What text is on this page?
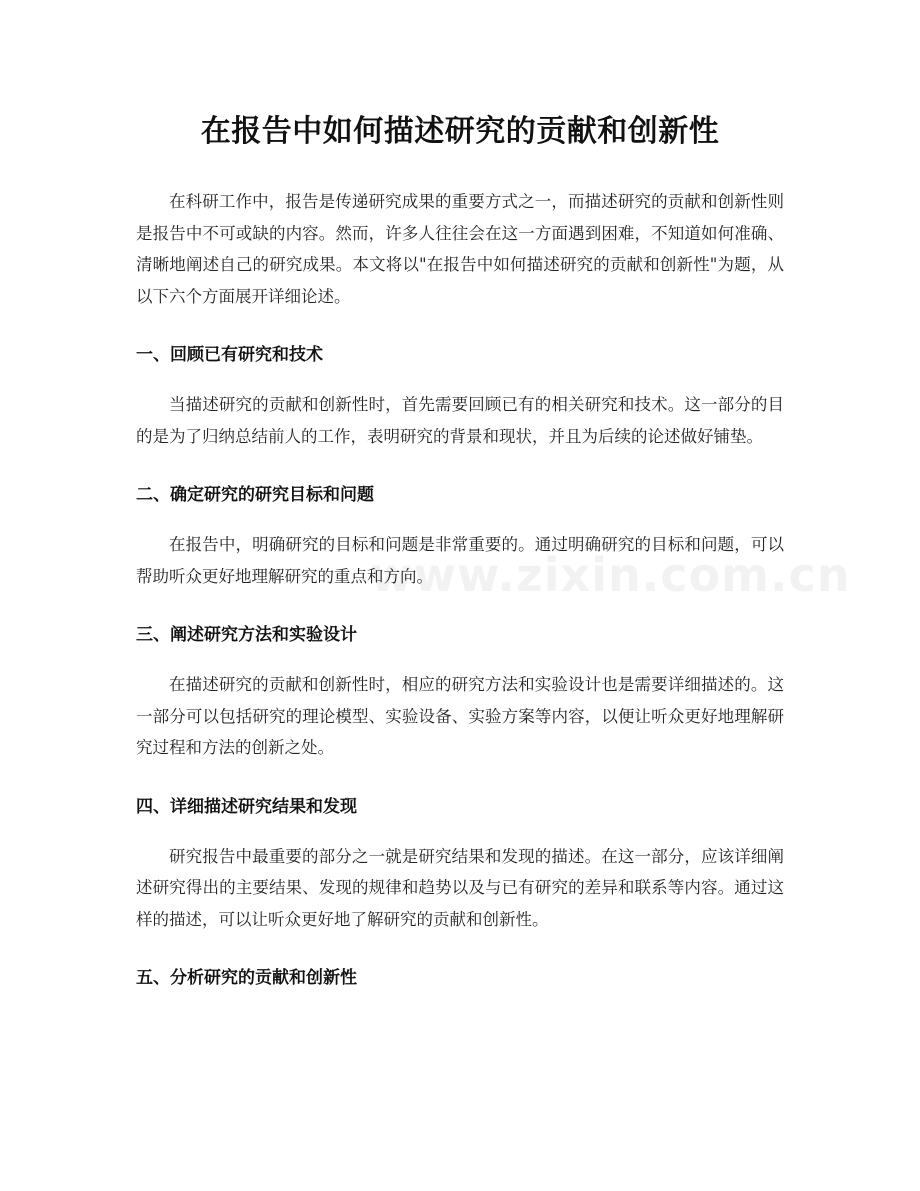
在报告中如何描述研究的贡献和创新性

在科研工作中，报告是传递研究成果的重要方式之一，而描述研究的贡献和创新性则是报告中不可或缺的内容。然而，许多人往往会在这一方面遇到困难，不知道如何准确、清晰地阐述自己的研究成果。本文将以"在报告中如何描述研究的贡献和创新性"为题，从以下六个方面展开详细论述。

一、回顾已有研究和技术

当描述研究的贡献和创新性时，首先需要回顾已有的相关研究和技术。这一部分的目的是为了归纳总结前人的工作，表明研究的背景和现状，并且为后续的论述做好铺垫。

二、确定研究的研究目标和问题

在报告中，明确研究的目标和问题是非常重要的。通过明确研究的目标和问题，可以帮助听众更好地理解研究的重点和方向。

三、阐述研究方法和实验设计

在描述研究的贡献和创新性时，相应的研究方法和实验设计也是需要详细描述的。这一部分可以包括研究的理论模型、实验设备、实验方案等内容，以便让听众更好地理解研究过程和方法的创新之处。

四、详细描述研究结果和发现

研究报告中最重要的部分之一就是研究结果和发现的描述。在这一部分，应该详细阐述研究得出的主要结果、发现的规律和趋势以及与已有研究的差异和联系等内容。通过这样的描述，可以让听众更好地了解研究的贡献和创新性。

五、分析研究的贡献和创新性
www.zixin.com.cn
